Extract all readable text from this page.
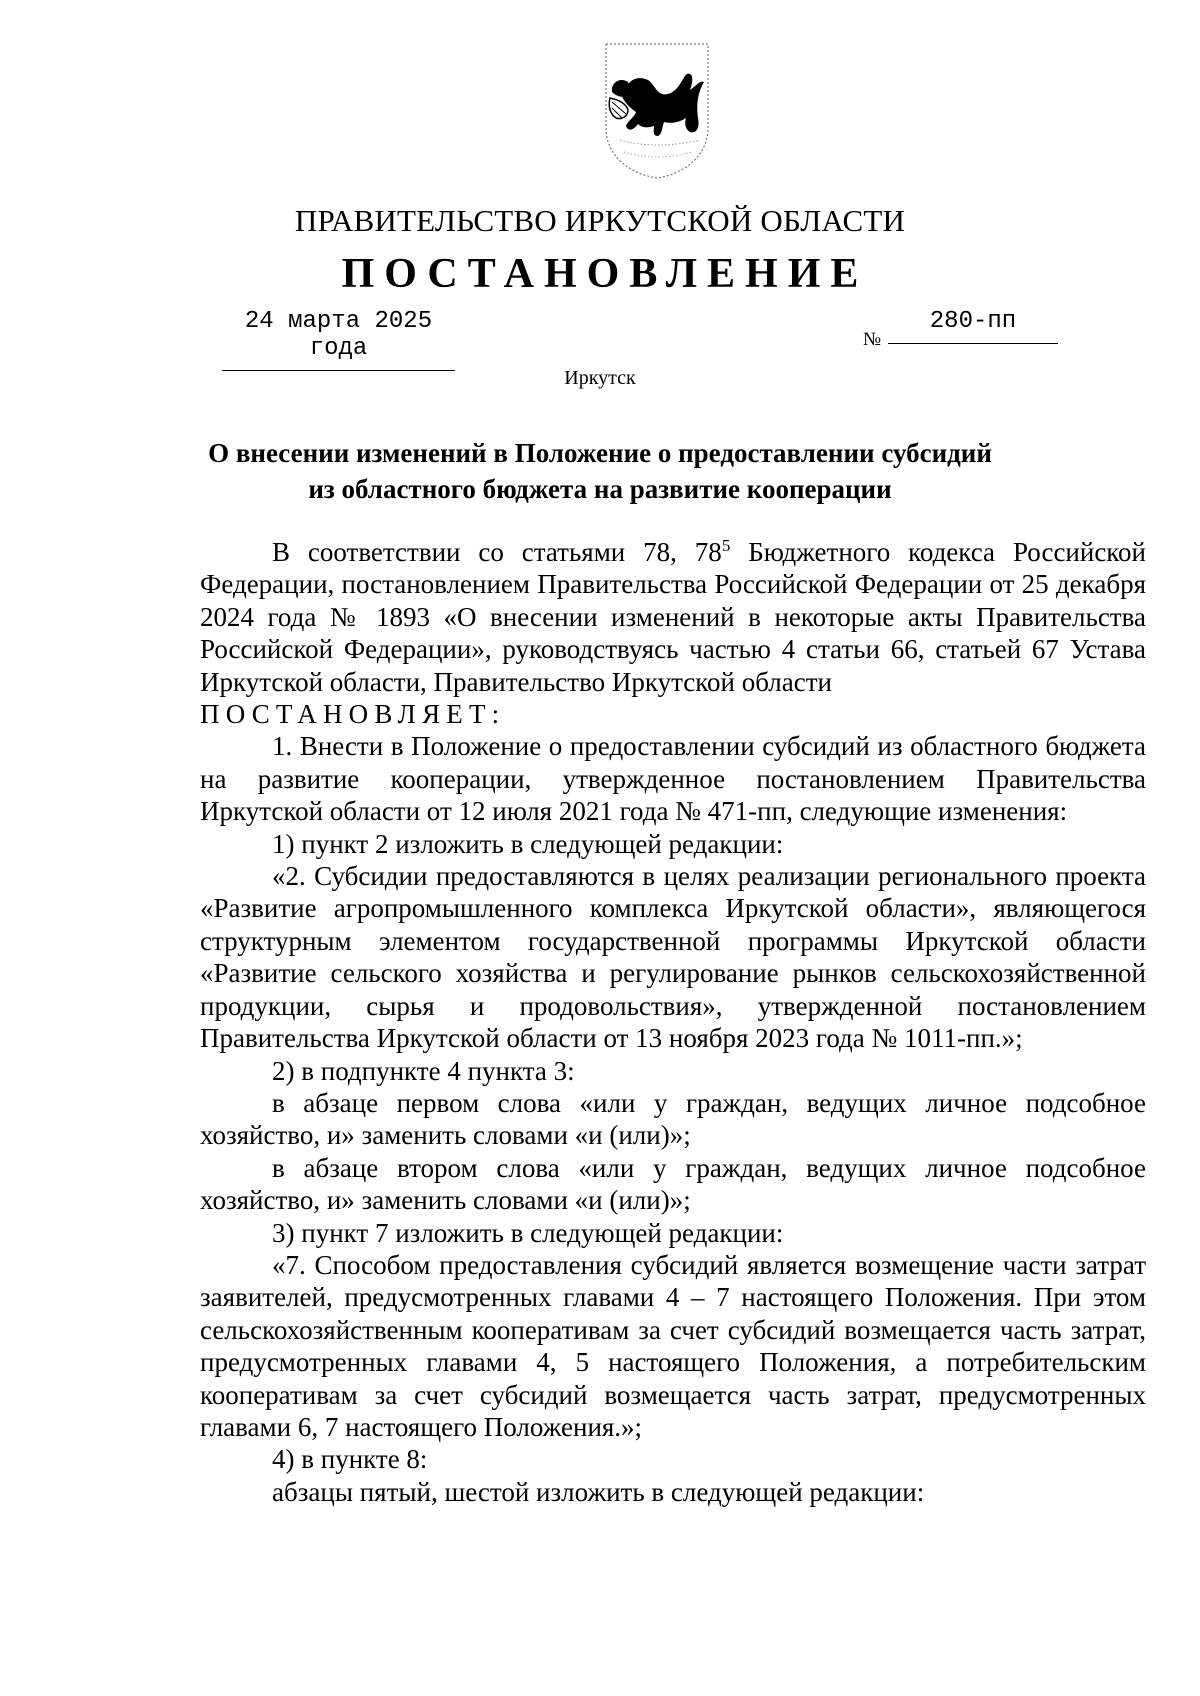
ПРАВИТЕЛЬСТВО ИРКУТСКОЙ ОБЛАСТИ
ПОСТАНОВЛЕНИЕ
24 марта 2025 года	№
280-пп
Иркутск
О внесении изменений в Положение о предоставлении субсидий
из областного бюджета на развитие кооперации

В соответствии со статьями 78, $78^5$ Бюджетного кодекса Российской Федерации, постановлением Правительства Российской Федерации от 25 декабря 2024 года № 1893 «О внесении изменений в некоторые акты Правительства Российской Федерации», руководствуясь частью 4 статьи 66, статьей 67 Устава Иркутской области, Правительство Иркутской области

ПОСТАНОВЛЯЕТ:

1. Внести в Положение о предоставлении субсидий из областного бюджета на развитие кооперации, утвержденное постановлением Правительства Иркутской области от 12 июля 2021 года № 471-пп, следующие изменения:

1) пункт 2 изложить в следующей редакции:

«2. Субсидии предоставляются в целях реализации регионального проекта «Развитие агропромышленного комплекса Иркутской области», являющегося структурным элементом государственной программы Иркутской области «Развитие сельского хозяйства и регулирование рынков сельскохозяйственной продукции, сырья и продовольствия», утвержденной постановлением Правительства Иркутской области от 13 ноября 2023 года № 1011-пп.»;

2) в подпункте 4 пункта 3:

в абзаце первом слова «или у граждан, ведущих личное подсобное хозяйство, и» заменить словами «и (или)»;

в абзаце втором слова «или у граждан, ведущих личное подсобное хозяйство, и» заменить словами «и (или)»;

3) пункт 7 изложить в следующей редакции:

«7. Способом предоставления субсидий является возмещение части затрат заявителей, предусмотренных главами 4 – 7 настоящего Положения. При этом сельскохозяйственным кооперативам за счет субсидий возмещается часть затрат, предусмотренных главами 4, 5 настоящего Положения, а потребительским кооперативам за счет субсидий возмещается часть затрат, предусмотренных главами 6, 7 настоящего Положения.»;

4) в пункте 8:

абзацы пятый, шестой изложить в следующей редакции:
